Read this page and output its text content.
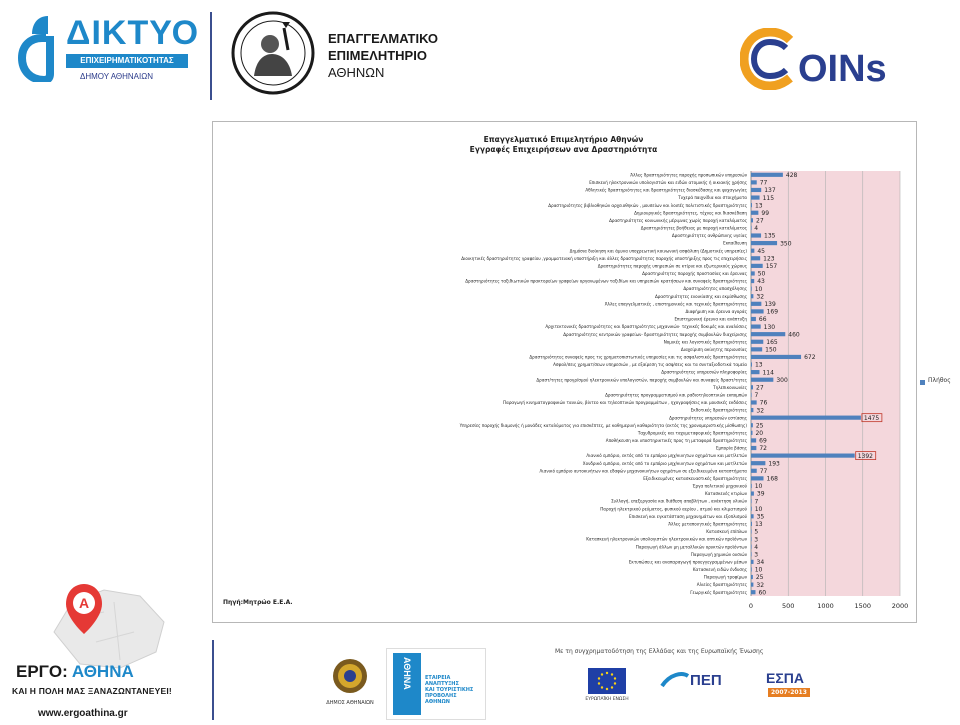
ΔΙΚΤΥΟ
ΕΠΙΧΕΙΡΗΜΑΤΙΚΟΤΗΤΑΣ
ΔΗΜΟΥ ΑΘΗΝΑΙΩΝ
ΕΠΑΓΓΕΛΜΑΤΙΚΟ
ΕΠΙΜΕΛΗΤΗΡΙΟ
ΑΘΗΝΩΝ	OINs
Επαγγελματικό Επιμελητήριο Αθηνών
Εγγραφές Επιχειρήσεων ανα Δραστηριότητα
0	500	1000	1500	2000
428
Άλλες δραστηριότητες παροχής προσωπικών υπηρεσιών
77
Επισκευή ηλεκτρονικών υπολογιστών και ειδών ατομικής ή οικιακής χρήσης
137
Αθλητικές δραστηριότητες και δραστηριότητες διασκέδασης και ψυχαγωγίας
115
Τυχερά παιχνίδια και στοιχήματα
13
Δραστηριότητες βιβλιοθηκών αρχειοθηκών , μουσείων και λοιπές πολιτιστικές δραστηριότητες
99
Δημιουργικές δραστηριότητες, τέχνες και διασκέδαση
27
Δραστηριότητες κοινωνικής μέριμνας χωρίς παροχή καταλύματος
4
Δραστηριότητες βοήθειας με παροχή καταλύματος
135
Δραστηριότητες ανθρώπινης υγείας
350
Εκπαίδευση
45
Δημόσια διοίκηση και άμυνα υποχρεωτική κοινωνική ασφάλιση (Δημοτικές υπηρεσίες)
123
Διοικητικές δραστηριότητες γραφείου ,γραμματειακή υποστήριξη και άλλες δραστηριότητες παροχής υποστήριξης προς τις επιχειρήσεις
157
Δραστηριότητες παροχής υπηρεσιών σε κτίρια και εξωτερικούς χώρους
50
Δραστηριότητες παροχής προστασίας και έρευνας
43
Δραστηριότητες ταξιδιωτικών πρακτορείων γραφείων οργανωμένων ταξιδίων και υπηρεσιών κρατήσεων και συναφείς δραστηριότητες
10
Δραστηριότητες απασχόλησης
32
Δραστηριότητες ενοικίασης και εκμίσθωσης
139
Άλλες επαγγελματικές , επιστημονικές και τεχνικές δραστηριότητες
169
Διαφήμιση και έρευνα αγοράς
66
Επιστημονική έρευνα και ανάπτυξη
130
Αρχιτεκτονικές δραστηριότητες και δραστηριότητες μηχανικών· τεχνικές δοκιμές και αναλύσεις
460
Δραστηριότητες κεντρικών γραφείων· δραστηριότητες παροχής συμβουλών διαχείρισης
165
Νομικές και λογιστικές δραστηριότητες
150
Διαχείριση ακίνητης περιουσίας
672
Δραστηριότητες συναφείς προς τις χρηματοπιστωτικές υπηρεσίες και τις ασφαλιστικές δραστηριότητες
13
Ασφαλ/σεις χρηματ/σεων υπηρεσιών , με εξαίρεση τις ασφ/σεις και τα συνταξιοδοτικά ταμεία
114
Δραστηριότητες υπηρεσιών πληροφορίας
300
Δραστ/τητες προγρ/σμού ηλεκτρονικών υπολογιστών, παροχής συμβουλών και συναφείς δραστ/τητες
27
Τηλεπικοινωνίες
7
Δραστηριότητες προγραμματισμού και ραδιοτηλεοπτικών εκπομπών
76
Παραγωγή κινηματογραφικών ταινιών, βίντεο και τηλεοπτικών προγραμμάτων , ηχογραφήσεις και μουσικές εκδόσεις
32
Εκδοτικές δραστηριότητες
1475
Δραστηριότητες υπηρεσιών εστίασης
25
Υπηρεσίες παροχής διαμονής ή μονάδες καταλύματος για επισκέπτες, με καθημερινή καθαριότητα (εκτός της χρονομεριστικής μίσθωσης)
20
Ταχυδρομικές και ταχυμεταφορικές δραστηριότητες
69
Αποθήκευση και υποστηρικτικές προς τη μεταφορά δραστηριότητες
72
Εμπορία βάσης
1392
Λιανικό εμπόριο, εκτός από το εμπόριο μηχ/κινητων οχημάτων και μοτ/λετών
193
Χονδρικό εμπόριο, εκτός από το εμπόριο μηχ/κινητων οχημάτων και μοτ/λετών
77
Λιανικό εμπόριο αυτοκινήτων και εδαφών μηχανοκινήτων οχημάτων σε εξειδικευμένα καταστήματα
168
Εξειδικευμένες κατασκευαστικές δραστηριότητες
10
Έργα πολιτικού μηχανικού
39
Κατασκευές κτιρίων
7
Συλλογή, επεξεργασία και διάθεση αποβλήτων , ανάκτηση υλικών
10
Παροχή ηλεκτρικού ρεύματος, φυσικού αερίου , ατμού και κλιματισμού
35
Επισκευή και εγκατάσταση μηχανημάτων και εξοπλισμού
13
Άλλες μεταποιητικές δραστηριότητες
5
Κατασκευή επίπλων
3
Κατασκευή ηλεκτρονικών υπολογιστών ηλεκτρονικών και οπτικών προϊόντων
4
Παραγωγή άλλων μη μεταλλικών ορυκτών προϊόντων
3
Παραγωγή χημικών ουσιών
34
Εκτυπώσεις και αναπαραγωγή προεγγεγραμμένων μέσων
10
Κατασκευή ειδών ένδυσης
25
Παραγωγή τροφίμων
32
Αλιείες δραστηριότητες
60
Γεωργικές δραστηριότητες
Πηγή:Μητρώο Ε.Ε.Α.
Πλήθος
A
ΕΡΓΟ: ΑΘΗΝΑ
ΚΑΙ Η ΠΟΛΗ ΜΑΣ ΞΑΝΑΖΩΝΤΑΝΕΥΕΙ!
www.ergoathina.gr
Με τη συγχρηματοδότηση της Ελλάδας και της Ευρωπαϊκής Ένωσης
ΔΗΜΟΣ ΑΘΗΝΑΙΩΝ
ΑΘΗΝΑ	ΕΤΑΙΡΕΙΑ
ΑΝΑΠΤΥΞΗΣ
ΚΑΙ ΤΟΥΡΙΣΤΙΚΗΣ
ΠΡΟΒΟΛΗΣ
ΑΘΗΝΩΝ	ΕΥΡΩΠΑΪΚΗ ΕΝΩΣΗ
ΠΕΠ	ΕΣΠΑ
2007-2013
